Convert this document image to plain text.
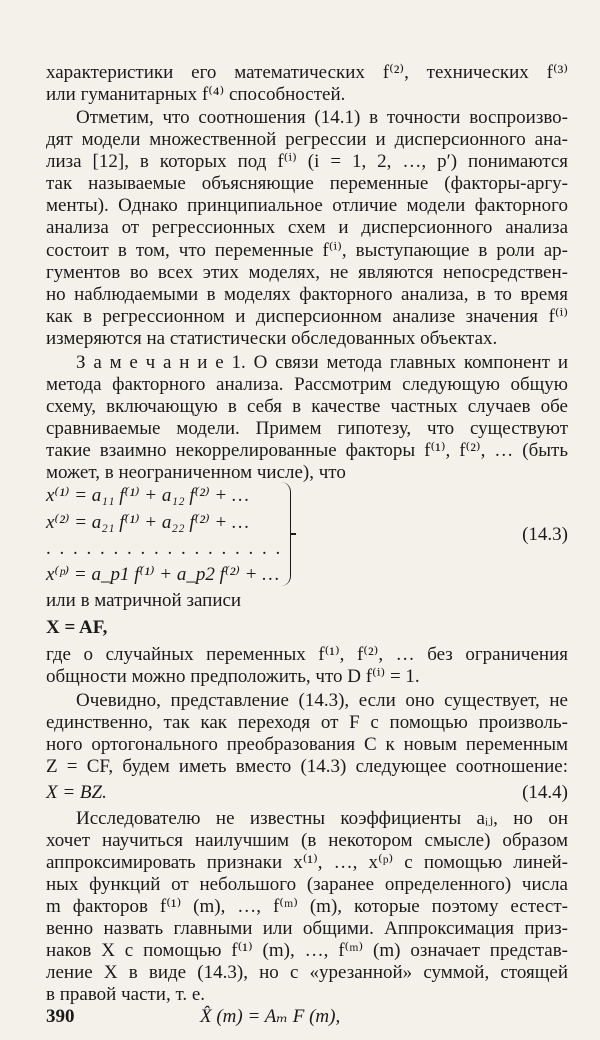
характеристики его математических f⁽²⁾, технических f⁽³⁾
или гуманитарных f⁽⁴⁾ способностей.
Отметим, что соотношения (14.1) в точности воспроизво-
дят модели множественной регрессии и дисперсионного ана-
лиза [12], в которых под f⁽ⁱ⁾ (i = 1, 2, …, p′) понимаются
так называемые объясняющие переменные (факторы-аргу-
менты). Однако принципиальное отличие модели факторного
анализа от регрессионных схем и дисперсионного анализа
состоит в том, что переменные f⁽ⁱ⁾, выступающие в роли ар-
гументов во всех этих моделях, не являются непосредствен-
но наблюдаемыми в моделях факторного анализа, в то время
как в регрессионном и дисперсионном анализе значения f⁽ⁱ⁾
измеряются на статистически обследованных объектах.
З а м е ч а н и е 1. О связи метода главных компонент и
метода факторного анализа. Рассмотрим следующую общую
схему, включающую в себя в качестве частных случаев обе
сравниваемые модели. Примем гипотезу, что существуют
такие взаимно некоррелированные факторы f⁽¹⁾, f⁽²⁾, … (быть
может, в неограниченном числе), что
x⁽¹⁾ = a₁₁ f⁽¹⁾ + a₁₂ f⁽²⁾ + …
x⁽²⁾ = a₂₁ f⁽¹⁾ + a₂₂ f⁽²⁾ + …
. . . . . . . . . . . . . . . . . .
x⁽ᵖ⁾ = a_p1 f⁽¹⁾ + a_p2 f⁽²⁾ + …
(14.3)
или в матричной записи
X = AF,
где о случайных переменных f⁽¹⁾, f⁽²⁾, … без ограничения
общности можно предположить, что D f⁽ⁱ⁾ = 1.
Очевидно, представление (14.3), если оно существует, не
единственно, так как переходя от F с помощью произволь-
ного ортогонального преобразования C к новым переменным
Z = CF, будем иметь вместо (14.3) следующее соотношение:
X = BZ.	(14.4)
Исследователю не известны коэффициенты aᵢⱼ, но он
хочет научиться наилучшим (в некотором смысле) образом
аппроксимировать признаки x⁽¹⁾, …, x⁽ᵖ⁾ с помощью линей-
ных функций от небольшого (заранее определенного) числа
m факторов f⁽¹⁾ (m), …, f⁽ᵐ⁾ (m), которые поэтому естест-
венно назвать главными или общими. Аппроксимация приз-
наков X с помощью f⁽¹⁾ (m), …, f⁽ᵐ⁾ (m) означает представ-
ление X в виде (14.3), но с «урезанной» суммой, стоящей
в правой части, т. е.
X̂ (m) = Aₘ F (m),
390
